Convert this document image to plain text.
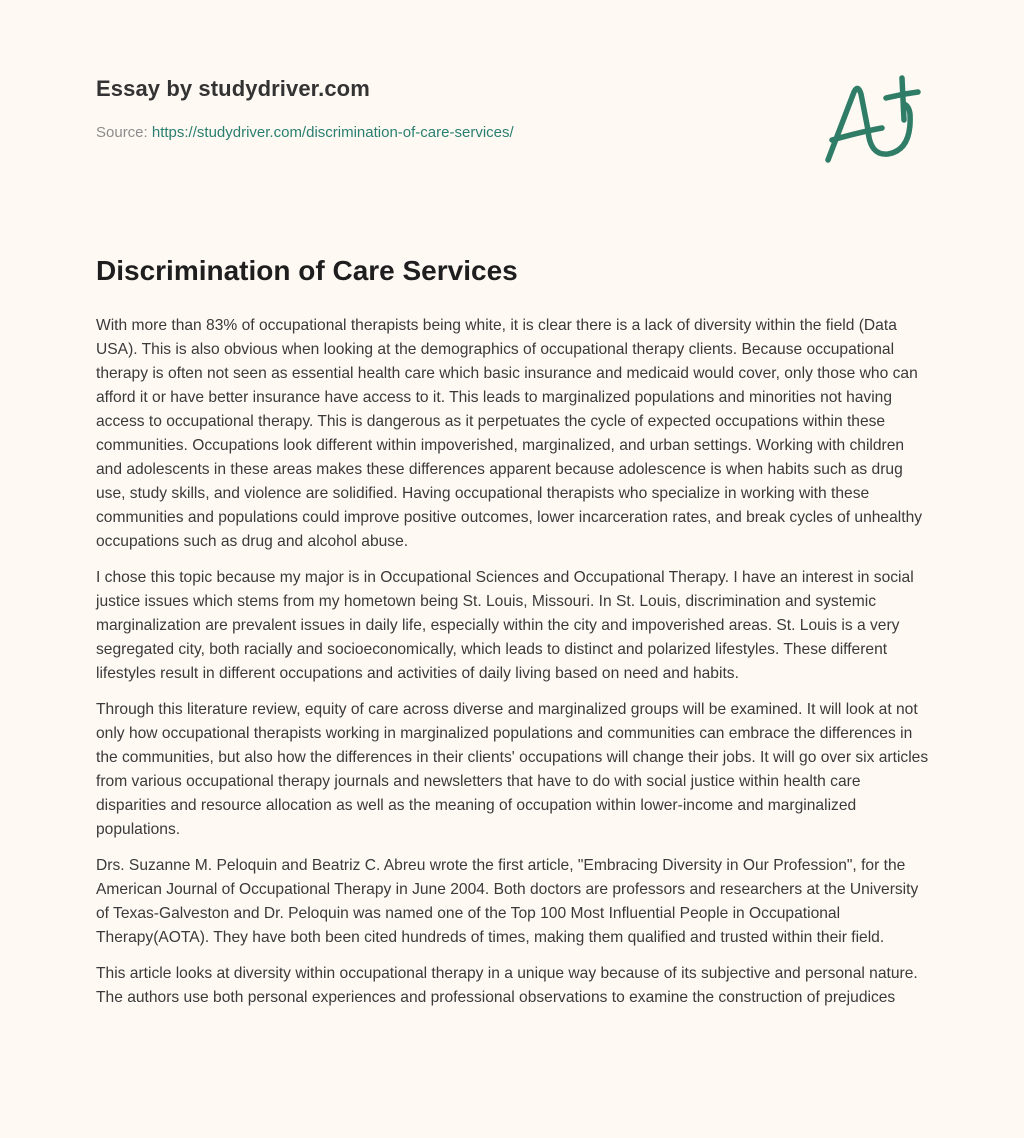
Essay by studydriver.com
Source: https://studydriver.com/discrimination-of-care-services/
Discrimination of Care Services

With more than 83% of occupational therapists being white, it is clear there is a lack of diversity within the field (Data USA). This is also obvious when looking at the demographics of occupational therapy clients. Because occupational therapy is often not seen as essential health care which basic insurance and medicaid would cover, only those who can afford it or have better insurance have access to it. This leads to marginalized populations and minorities not having access to occupational therapy. This is dangerous as it perpetuates the cycle of expected occupations within these communities. Occupations look different within impoverished, marginalized, and urban settings. Working with children and adolescents in these areas makes these differences apparent because adolescence is when habits such as drug use, study skills, and violence are solidified. Having occupational therapists who specialize in working with these communities and populations could improve positive outcomes, lower incarceration rates, and break cycles of unhealthy occupations such as drug and alcohol abuse.

I chose this topic because my major is in Occupational Sciences and Occupational Therapy. I have an interest in social justice issues which stems from my hometown being St. Louis, Missouri. In St. Louis, discrimination and systemic marginalization are prevalent issues in daily life, especially within the city and impoverished areas. St. Louis is a very segregated city, both racially and socioeconomically, which leads to distinct and polarized lifestyles. These different lifestyles result in different occupations and activities of daily living based on need and habits.

Through this literature review, equity of care across diverse and marginalized groups will be examined. It will look at not only how occupational therapists working in marginalized populations and communities can embrace the differences in the communities, but also how the differences in their clients' occupations will change their jobs. It will go over six articles from various occupational therapy journals and newsletters that have to do with social justice within health care disparities and resource allocation as well as the meaning of occupation within lower-income and marginalized populations.

Drs. Suzanne M. Peloquin and Beatriz C. Abreu wrote the first article, "Embracing Diversity in Our Profession", for the American Journal of Occupational Therapy in June 2004. Both doctors are professors and researchers at the University of Texas-Galveston and Dr. Peloquin was named one of the Top 100 Most Influential People in Occupational Therapy(AOTA). They have both been cited hundreds of times, making them qualified and trusted within their field.

This article looks at diversity within occupational therapy in a unique way because of its subjective and personal nature. The authors use both personal experiences and professional observations to examine the construction of prejudices
